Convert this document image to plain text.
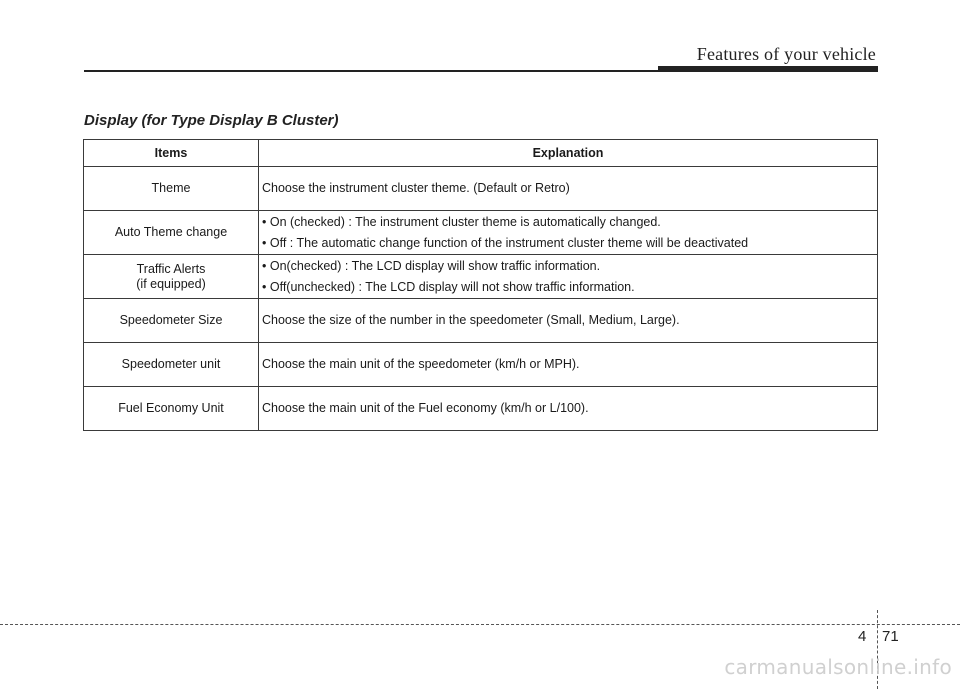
Features of your vehicle
Display (for Type Display B Cluster)
Items	Explanation

Theme	Choose the instrument cluster theme. (Default or Retro)

Auto Theme change	• On (checked) : The instrument cluster theme is automatically changed.
• Off : The automatic change function of the instrument cluster theme will be deactivated

Traffic Alerts
(if equipped)	• On(checked) : The LCD display will show traffic information.
• Off(unchecked) : The LCD display will not show traffic information.

Speedometer Size	Choose the size of the number in the speedometer (Small, Medium, Large).

Speedometer unit	Choose the main unit of the speedometer (km/h or MPH).

Fuel Economy Unit	Choose the main unit of the Fuel economy (km/h or L/100).
4 71
carmanualsonline.info
